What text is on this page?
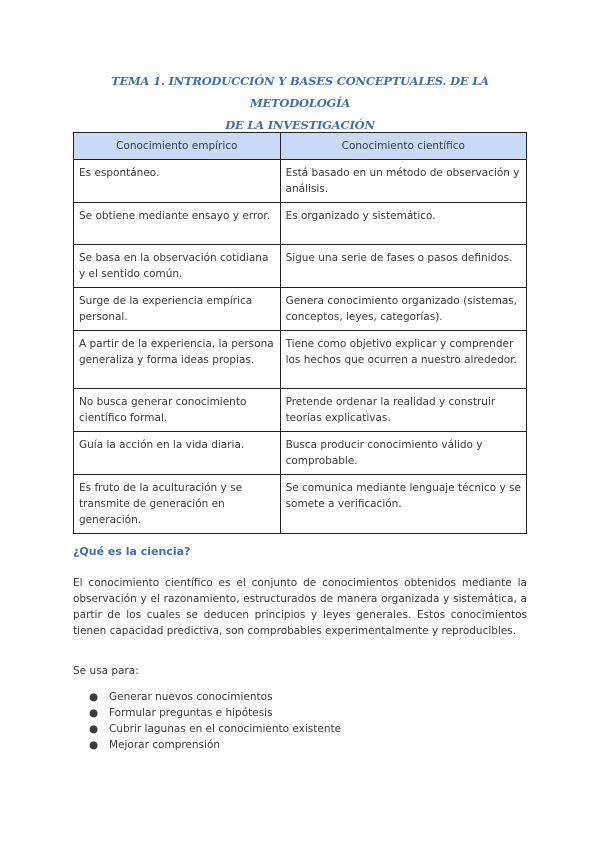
TEMA 1. INTRODUCCIÓN Y BASES CONCEPTUALES. DE LA METODOLOGÍA
DE LA INVESTIGACIÓN
Conocimiento empírico	Conocimiento científico
Es espontáneo.	Está basado en un método de observación y análisis.
Se obtiene mediante ensayo y error.	Es organizado y sistemático.
Se basa en la observación cotidiana y el sentido común.	Sigue una serie de fases o pasos definidos.
Surge de la experiencia empírica personal.	Genera conocimiento organizado (sistemas, conceptos, leyes, categorías).
A partir de la experiencia, la persona generaliza y forma ideas propias.	Tiene como objetivo explicar y comprender los hechos que ocurren a nuestro alrededor.
No busca generar conocimiento científico formal.	Pretende ordenar la realidad y construir teorías explicativas.
Guía la acción en la vida diaria.	Busca producir conocimiento válido y comprobable.
Es fruto de la aculturación y se transmite de generación en generación.	Se comunica mediante lenguaje técnico y se somete a verificación.
¿Qué es la ciencia?
El conocimiento científico es el conjunto de conocimientos obtenidos mediante la observación y el razonamiento, estructurados de manera organizada y sistemática, a partir de los cuales se deducen principios y leyes generales. Estos conocimientos tienen capacidad predictiva, son comprobables experimentalmente y reproducibles.
Se usa para:
● Generar nuevos conocimientos
● Formular preguntas e hipótesis
● Cubrir lagunas en el conocimiento existente
● Mejorar comprensión
